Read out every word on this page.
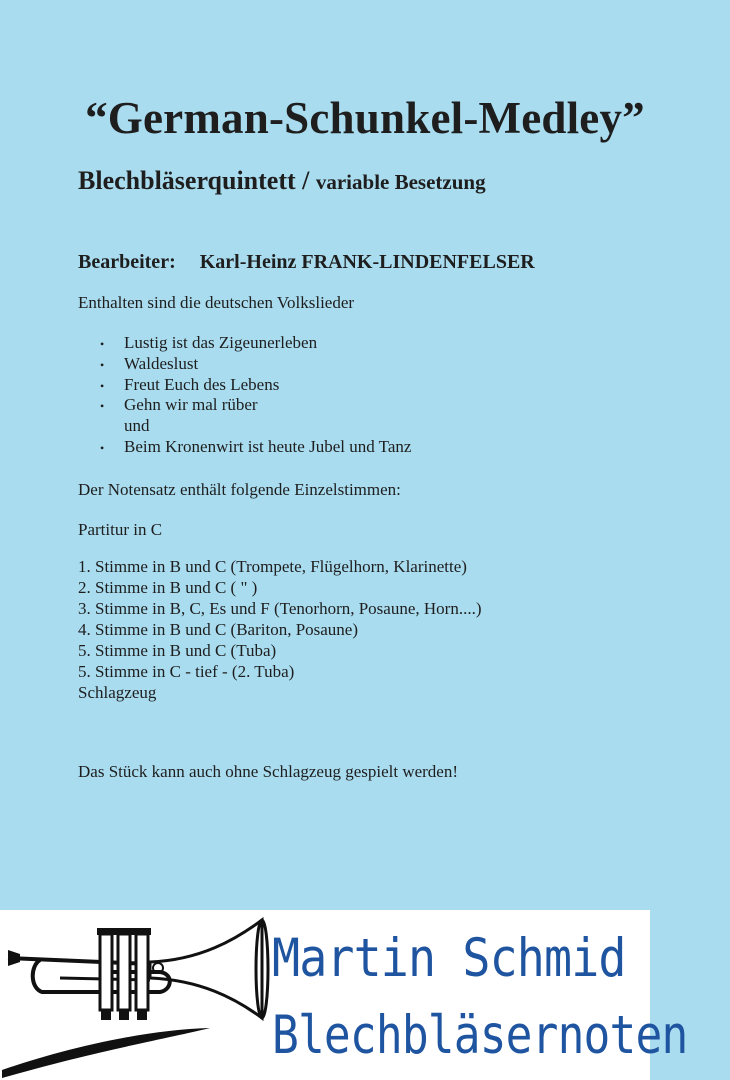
“German-Schunkel-Medley”

Blechbläserquintett / variable Besetzung

Bearbeiter: Karl-Heinz FRANK-LINDENFELSER

Enthalten sind die deutschen Volkslieder

• Lustig ist das Zigeunerleben
• Waldeslust
• Freut Euch des Lebens
• Gehn wir mal rüber
und
• Beim Kronenwirt ist heute Jubel und Tanz

Der Notensatz enthält folgende Einzelstimmen:

Partitur in C

1. Stimme in B und C (Trompete, Flügelhorn, Klarinette)
2. Stimme in B und C ( " )
3. Stimme in B, C, Es und F (Tenorhorn, Posaune, Horn....)
4. Stimme in B und C (Bariton, Posaune)
5. Stimme in B und C (Tuba)
5. Stimme in C - tief - (2. Tuba)
Schlagzeug

Das Stück kann auch ohne Schlagzeug gespielt werden!

Martin Schmid

Blechbläsernoten
